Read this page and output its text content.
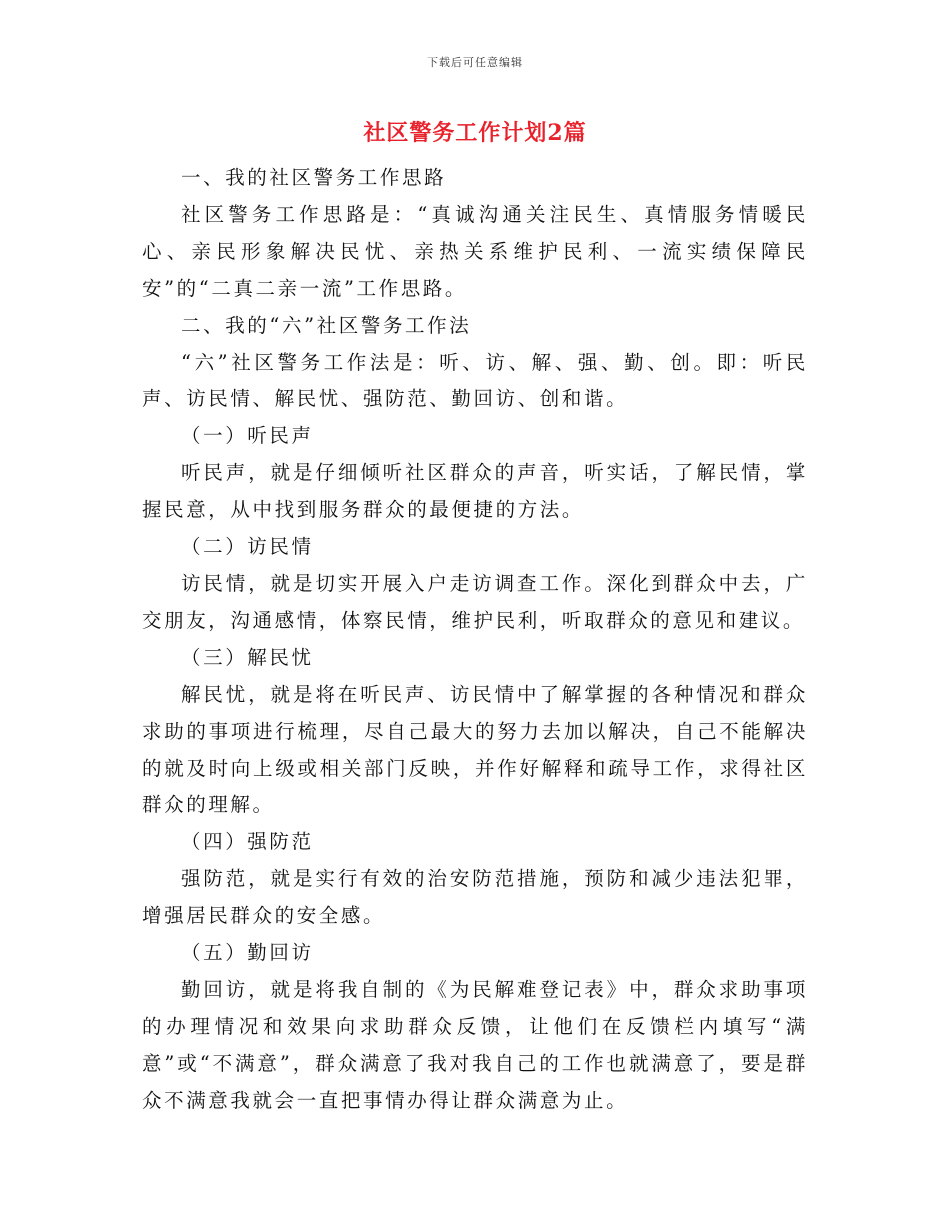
下载后可任意编辑
社区警务工作计划2篇

一、我的社区警务工作思路

社区警务工作思路是：“真诚沟通关注民生、真情服务情暖民心、亲民形象解决民忧、亲热关系维护民利、一流实绩保障民安”的“二真二亲一流”工作思路。

二、我的“六”社区警务工作法

“六”社区警务工作法是：听、访、解、强、勤、创。即：听民声、访民情、解民忧、强防范、勤回访、创和谐。

（一）听民声

听民声，就是仔细倾听社区群众的声音，听实话，了解民情，掌握民意，从中找到服务群众的最便捷的方法。

（二）访民情

访民情，就是切实开展入户走访调查工作。深化到群众中去，广交朋友，沟通感情，体察民情，维护民利，听取群众的意见和建议。

（三）解民忧

解民忧，就是将在听民声、访民情中了解掌握的各种情况和群众求助的事项进行梳理，尽自己最大的努力去加以解决，自己不能解决的就及时向上级或相关部门反映，并作好解释和疏导工作，求得社区群众的理解。

（四）强防范

强防范，就是实行有效的治安防范措施，预防和减少违法犯罪，增强居民群众的安全感。

（五）勤回访

勤回访，就是将我自制的《为民解难登记表》中，群众求助事项的办理情况和效果向求助群众反馈，让他们在反馈栏内填写“满意”或“不满意”，群众满意了我对我自己的工作也就满意了，要是群众不满意我就会一直把事情办得让群众满意为止。
